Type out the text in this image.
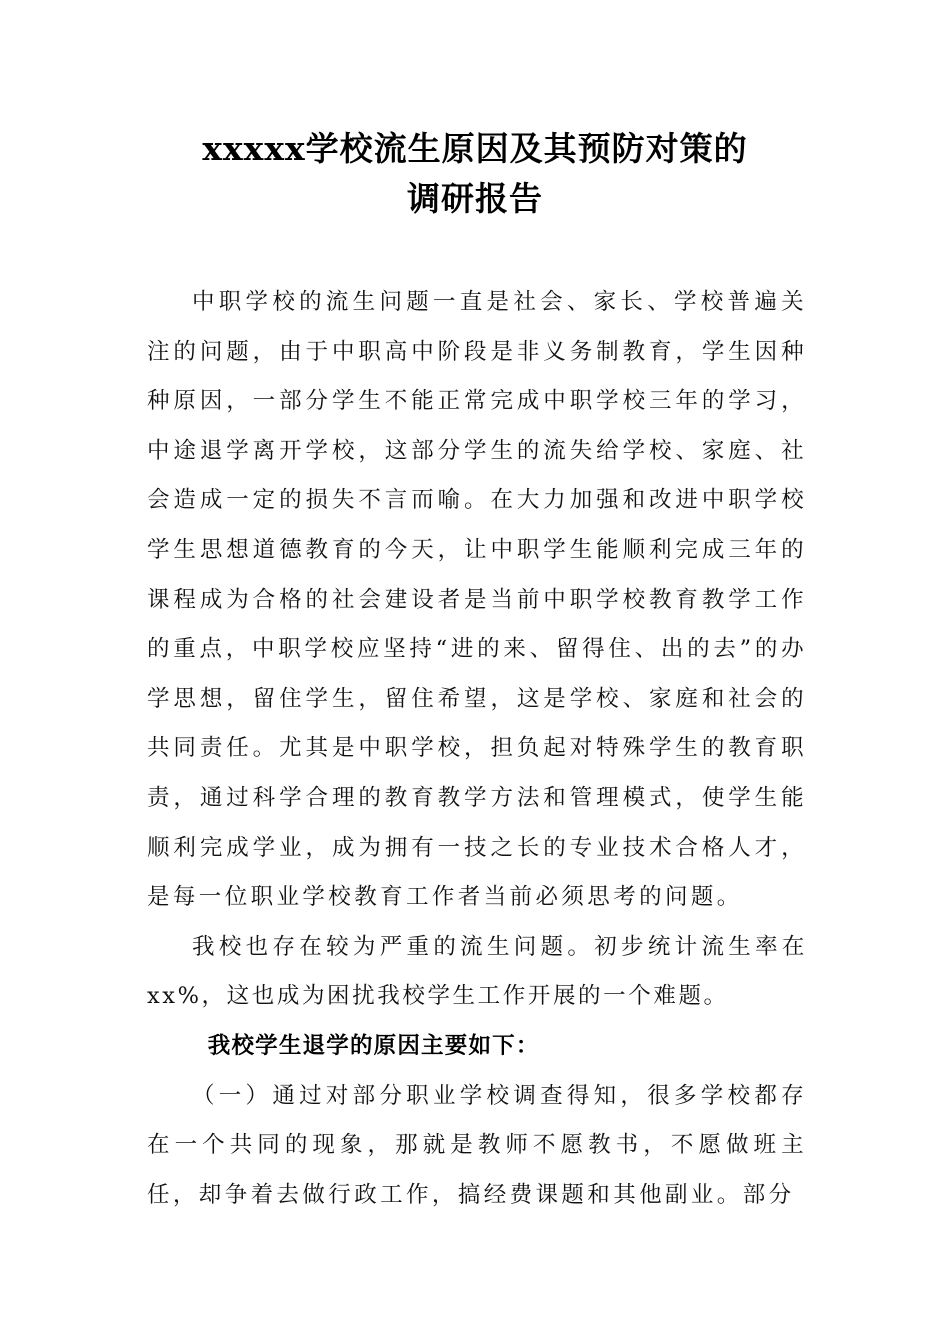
xxxxx学校流生原因及其预防对策的
调研报告

中职学校的流生问题一直是社会、家长、学校普遍关注的问题，由于中职高中阶段是非义务制教育，学生因种种原因，一部分学生不能正常完成中职学校三年的学习，中途退学离开学校，这部分学生的流失给学校、家庭、社会造成一定的损失不言而喻。在大力加强和改进中职学校学生思想道德教育的今天，让中职学生能顺利完成三年的课程成为合格的社会建设者是当前中职学校教育教学工作的重点，中职学校应坚持“进的来、留得住、出的去”的办学思想，留住学生，留住希望，这是学校、家庭和社会的共同责任。尤其是中职学校，担负起对特殊学生的教育职责，通过科学合理的教育教学方法和管理模式，使学生能顺利完成学业，成为拥有一技之长的专业技术合格人才，是每一位职业学校教育工作者当前必须思考的问题。

我校也存在较为严重的流生问题。初步统计流生率在xx%，这也成为困扰我校学生工作开展的一个难题。

我校学生退学的原因主要如下：

（一）通过对部分职业学校调查得知，很多学校都存在一个共同的现象，那就是教师不愿教书，不愿做班主任，却争着去做行政工作，搞经费课题和其他副业。部分
